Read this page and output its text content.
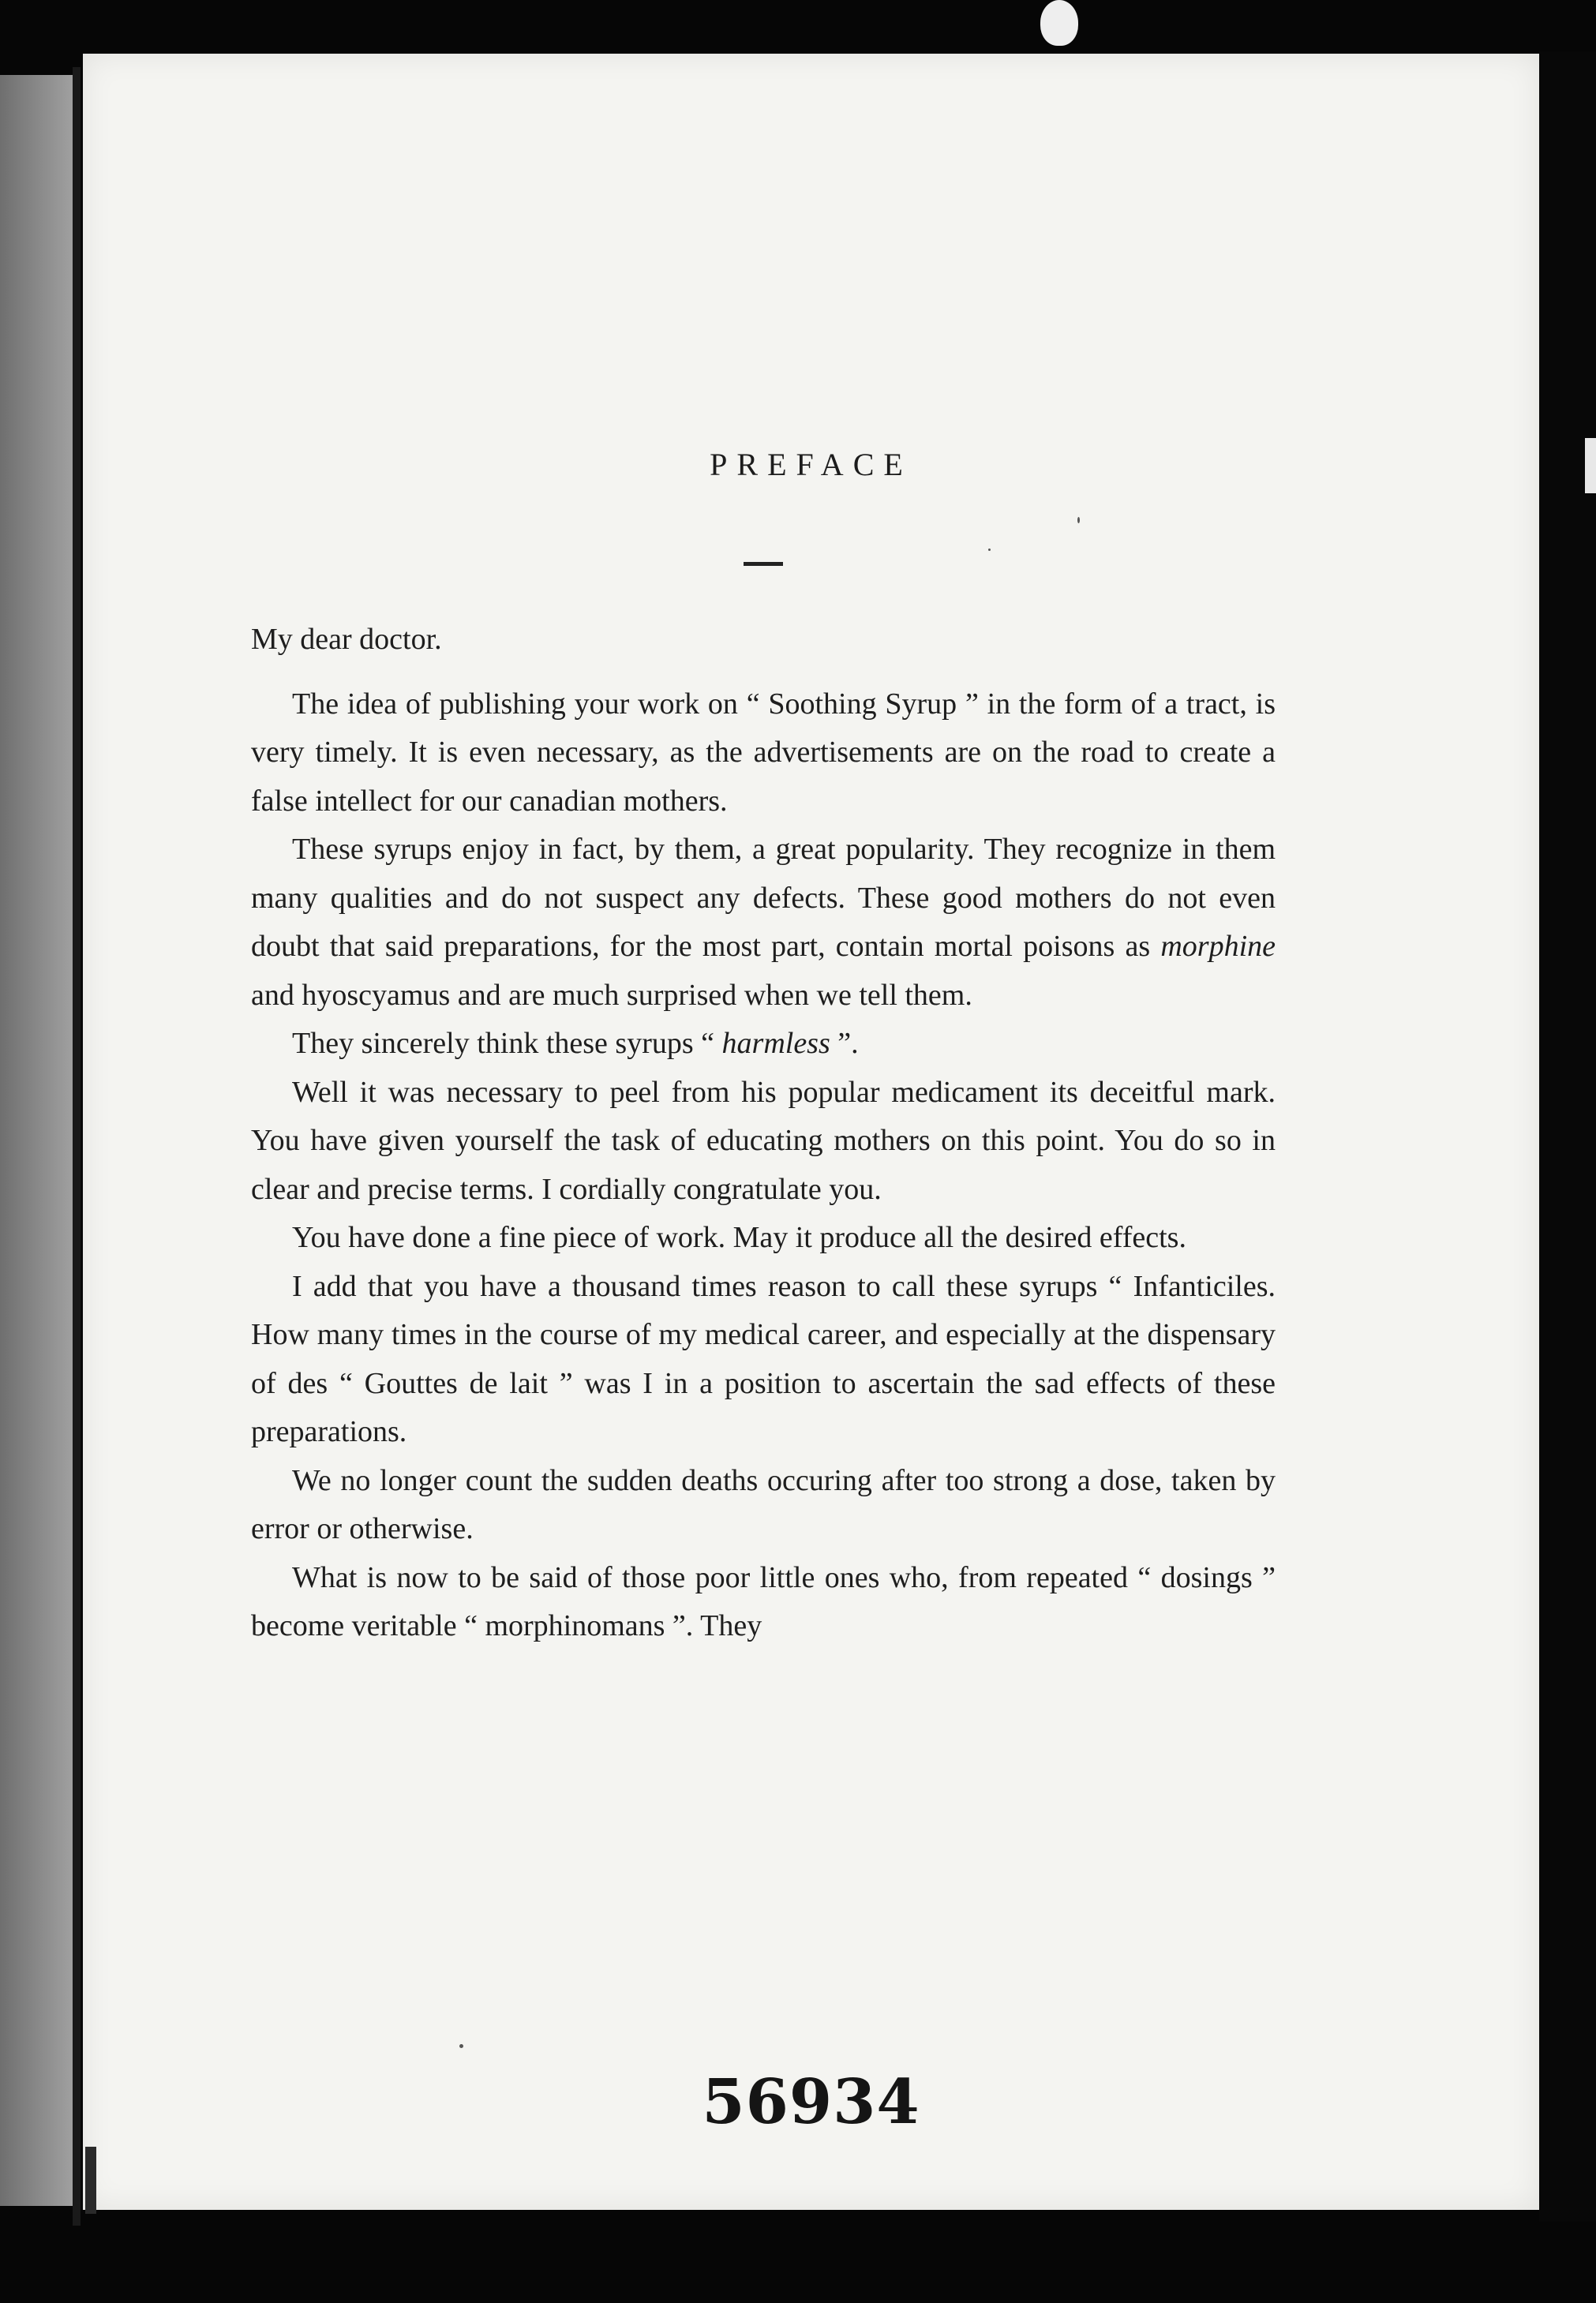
PREFACE

My dear doctor.

The idea of publishing your work on “ Soothing Syrup ” in the form of a tract, is very timely. It is even necessary, as the advertisements are on the road to create a false intellect for our canadian mothers.

These syrups enjoy in fact, by them, a great popularity. They recognize in them many qualities and do not suspect any defects. These good mothers do not even doubt that said preparations, for the most part, contain mortal poisons as morphine and hyoscyamus and are much surprised when we tell them.

They sincerely think these syrups “ harmless ”.

Well it was necessary to peel from his popular medicament its deceitful mark. You have given yourself the task of educating mothers on this point. You do so in clear and precise terms. I cordially congratulate you.

You have done a fine piece of work. May it produce all the desired effects.

I add that you have a thousand times reason to call these syrups “ Infanticiles. How many times in the course of my medical career, and especially at the dispensary of des “ Gouttes de lait ” was I in a position to ascertain the sad effects of these preparations.

We no longer count the sudden deaths occuring after too strong a dose, taken by error or otherwise.

What is now to be said of those poor little ones who, from repeated “ dosings ” become veritable “ morphinomans ”. They

56934
